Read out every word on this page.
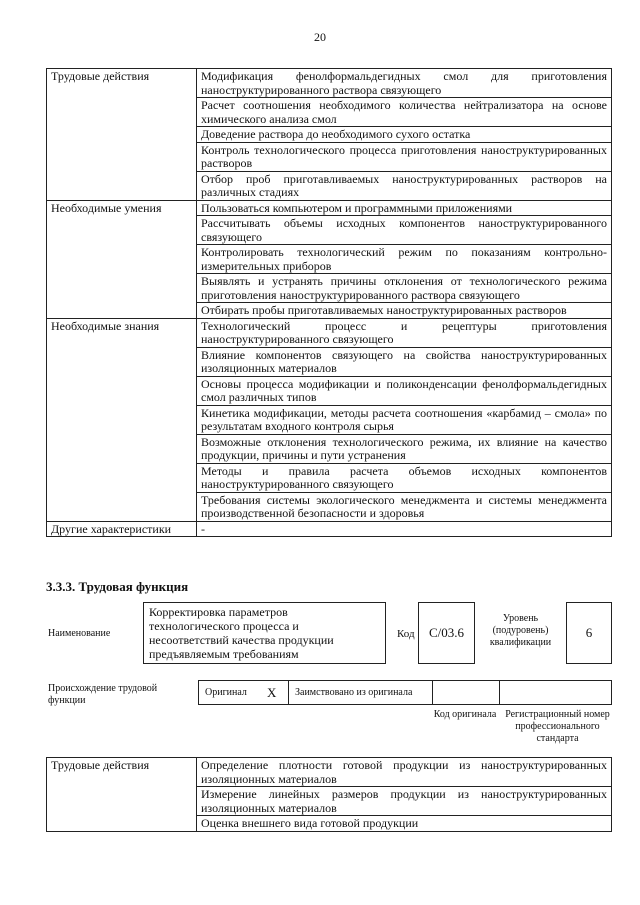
20
Трудовые действия	Модификация фенолформальдегидных смол для приготовления наноструктурированного раствора связующего
	Расчет соотношения необходимого количества нейтрализатора на основе химического анализа смол
	Доведение раствора до необходимого сухого остатка
	Контроль технологического процесса приготовления наноструктурированных растворов
	Отбор проб приготавливаемых наноструктурированных растворов на различных стадиях
Необходимые умения	Пользоваться компьютером и программными приложениями
	Рассчитывать объемы исходных компонентов наноструктурированного связующего
	Контролировать технологический режим по показаниям контрольно-измерительных приборов
	Выявлять и устранять причины отклонения от технологического режима приготовления наноструктурированного раствора связующего
	Отбирать пробы приготавливаемых наноструктурированных растворов
Необходимые знания	Технологический процесс и рецептуры приготовления наноструктурированного связующего
	Влияние компонентов связующего на свойства наноструктурированных изоляционных материалов
	Основы процесса модификации и поликонденсации фенолформальдегидных смол различных типов
	Кинетика модификации, методы расчета соотношения «карбамид – смола» по результатам входного контроля сырья
	Возможные отклонения технологического режима, их влияние на качество продукции, причины и пути устранения
	Методы и правила расчета объемов исходных компонентов наноструктурированного связующего
	Требования системы экологического менеджмента и системы менеджмента производственной безопасности и здоровья
Другие характеристики	-
3.3.3. Трудовая функция
Наименование
Корректировка параметров технологического процесса и несоответствий качества продукции предъявляемым требованиям
Код С/03.6
Уровень (подуровень) квалификации
6
Происхождение трудовой функции
Оригинал X Заимствовано из оригинала
Код оригинала Регистрационный номер профессионального стандарта
Трудовые действия	Определение плотности готовой продукции из наноструктурированных изоляционных материалов
	Измерение линейных размеров продукции из наноструктурированных изоляционных материалов
	Оценка внешнего вида готовой продукции
